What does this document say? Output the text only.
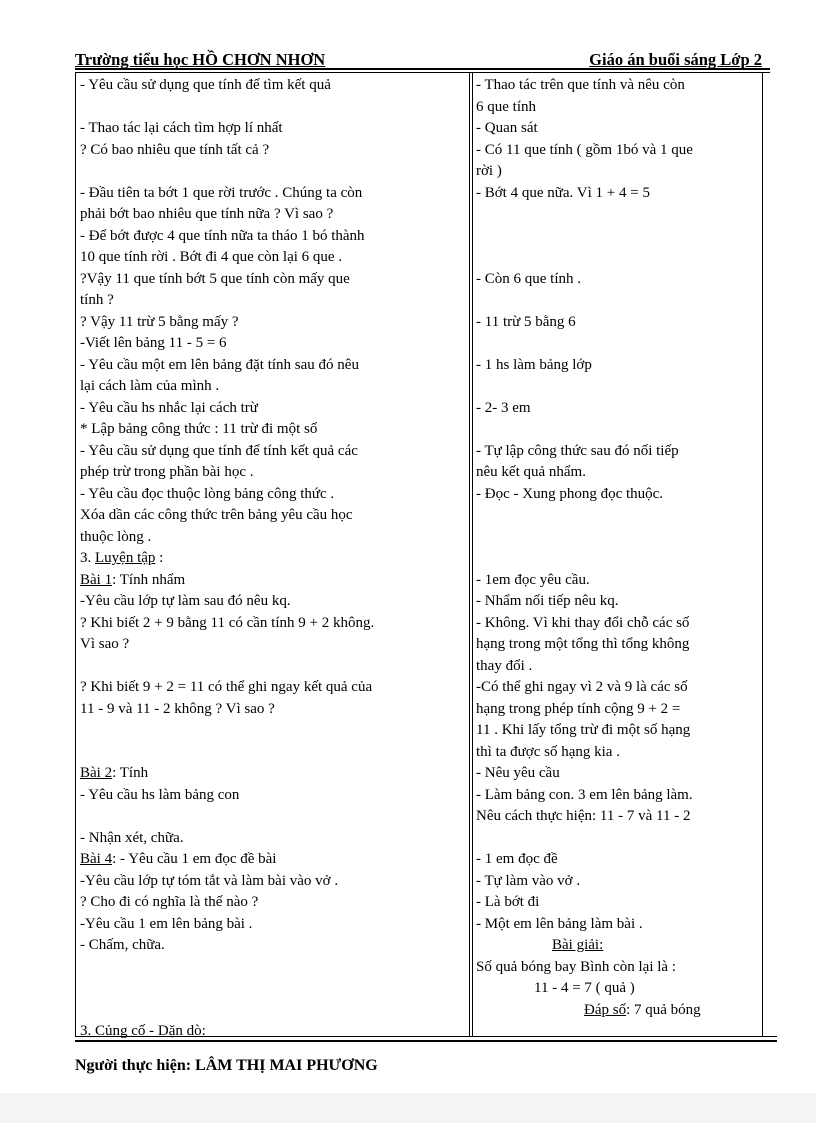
Trường tiểu học HỒ CHƠN NHƠN	Giáo án buổi sáng Lớp 2
- Yêu cầu sử dụng que tính để tìm kết quả
- Thao tác lại cách tìm hợp lí nhất
? Có bao nhiêu que tính tất cả ?
- Đầu tiên ta bớt 1 que rời trước . Chúng ta còn
phải bớt bao nhiêu que tính nữa ? Vì sao ?
- Để bớt được 4 que tính nữa ta tháo 1 bó thành
10 que tính rời . Bớt đi 4 que còn lại 6 que .
?Vậy 11 que tính bớt 5 que tính còn mấy que
tính ?
? Vậy 11 trừ 5 bằng mấy ?
-Viết lên bảng 11 - 5 = 6
- Yêu cầu một em lên bảng đặt tính sau đó nêu
lại cách làm của mình .
- Yêu cầu hs nhắc lại cách trừ
* Lập bảng công thức : 11 trừ đi một số
- Yêu cầu sử dụng que tính để tính kết quả các
phép trừ trong phần bài học .
- Yêu cầu đọc thuộc lòng bảng công thức .
Xóa dần các công thức trên bảng yêu cầu học
thuộc lòng .
3. Luyện tập :
Bài 1: Tính nhẩm
-Yêu cầu lớp tự làm sau đó nêu kq.
? Khi biết 2 + 9 bằng 11 có cần tính 9 + 2 không.
Vì sao ?
? Khi biết 9 + 2 = 11 có thể ghi ngay kết quả của
11 - 9 và 11 - 2 không ? Vì sao ?
Bài 2: Tính
- Yêu cầu hs làm bảng con
- Nhận xét, chữa.
Bài 4: - Yêu cầu 1 em đọc đề bài
-Yêu cầu lớp tự tóm tắt và làm bài vào vở .
? Cho đi có nghĩa là thế nào ?
-Yêu cầu 1 em lên bảng bài .
- Chấm, chữa.
3. Củng cố - Dặn dò:
- Thao tác trên que tính và nêu còn
6 que tính
- Quan sát
- Có 11 que tính ( gồm 1bó và 1 que
rời )
- Bớt 4 que nữa. Vì 1 + 4 = 5
- Còn 6 que tính .
- 11 trừ 5 bằng 6
- 1 hs làm bảng lớp
- 2- 3 em
- Tự lập công thức sau đó nối tiếp
nêu kết quả nhẩm.
- Đọc - Xung phong đọc thuộc.
- 1em đọc yêu cầu.
- Nhẩm nối tiếp nêu kq.
- Không. Vì khi thay đổi chỗ các số
hạng trong một tổng thì tổng không
thay đổi .
-Có thể ghi ngay vì 2 và 9 là các số
hạng trong phép tính cộng 9 + 2 =
11 . Khi lấy tổng trừ đi một số hạng
thì ta được số hạng kia .
- Nêu yêu cầu
- Làm bảng con. 3 em lên bảng làm.
Nêu cách thực hiện: 11 - 7 và 11 - 2
- 1 em đọc đề
- Tự làm vào vở .
- Là bớt đi
- Một em lên bảng làm bài .
Bài giải:
Số quả bóng bay Bình còn lại là :
11 - 4 = 7 ( quả )
Đáp số: 7 quả bóng
Người thực hiện: LÂM THỊ MAI PHƯƠNG
